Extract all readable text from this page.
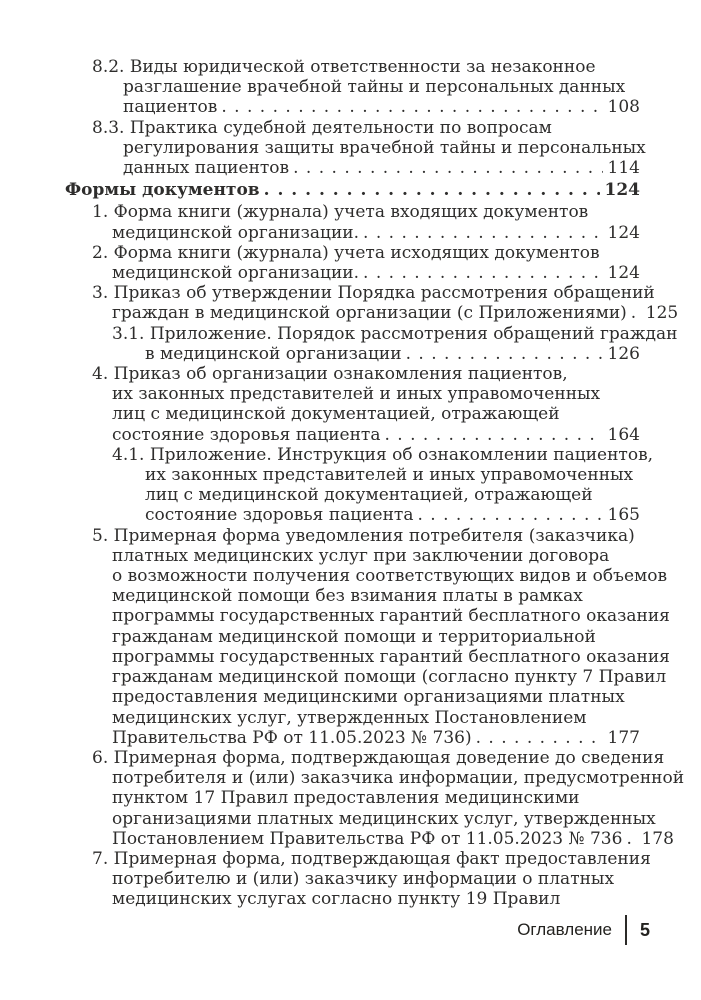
8.2. Виды юридической ответственности за незаконное
разглашение врачебной тайны и персональных данных
пациентов . . .	108
8.3. Практика судебной деятельности по вопросам
регулирования защиты врачебной тайны и персональных
данных пациентов . . .	114
Формы документов . . .	124
1. Форма книги (журнала) учета входящих документов
медицинской организации. . . .	124
2. Форма книги (журнала) учета исходящих документов
медицинской организации. . . .	124
3. Приказ об утверждении Порядка рассмотрения обращений
граждан в медицинской организации (с Приложениями) . . . 125
3.1. Приложение. Порядок рассмотрения обращений граждан
в медицинской организации . . .	126
4. Приказ об организации ознакомления пациентов,
их законных представителей и иных управомоченных
лиц с медицинской документацией, отражающей
состояние здоровья пациента . . .	164
4.1. Приложение. Инструкция об ознакомлении пациентов,
их законных представителей и иных управомоченных
лиц с медицинской документацией, отражающей
состояние здоровья пациента . . .	165
5. Примерная форма уведомления потребителя (заказчика)
платных медицинских услуг при заключении договора
о возможности получения соответствующих видов и объемов
медицинской помощи без взимания платы в рамках
программы государственных гарантий бесплатного оказания
гражданам медицинской помощи и территориальной
программы государственных гарантий бесплатного оказания
гражданам медицинской помощи (согласно пункту 7 Правил
предоставления медицинскими организациями платных
медицинских услуг, утвержденных Постановлением
Правительства РФ от 11.05.2023 № 736) . . .	177
6. Примерная форма, подтверждающая доведение до сведения
потребителя и (или) заказчика информации, предусмотренной
пунктом 17 Правил предоставления медицинскими
организациями платных медицинских услуг, утвержденных
Постановлением Правительства РФ от 11.05.2023 № 736 . . . 178
7. Примерная форма, подтверждающая факт предоставления
потребителю и (или) заказчику информации о платных
медицинских услугах согласно пункту 19 Правил
Оглавление 5
